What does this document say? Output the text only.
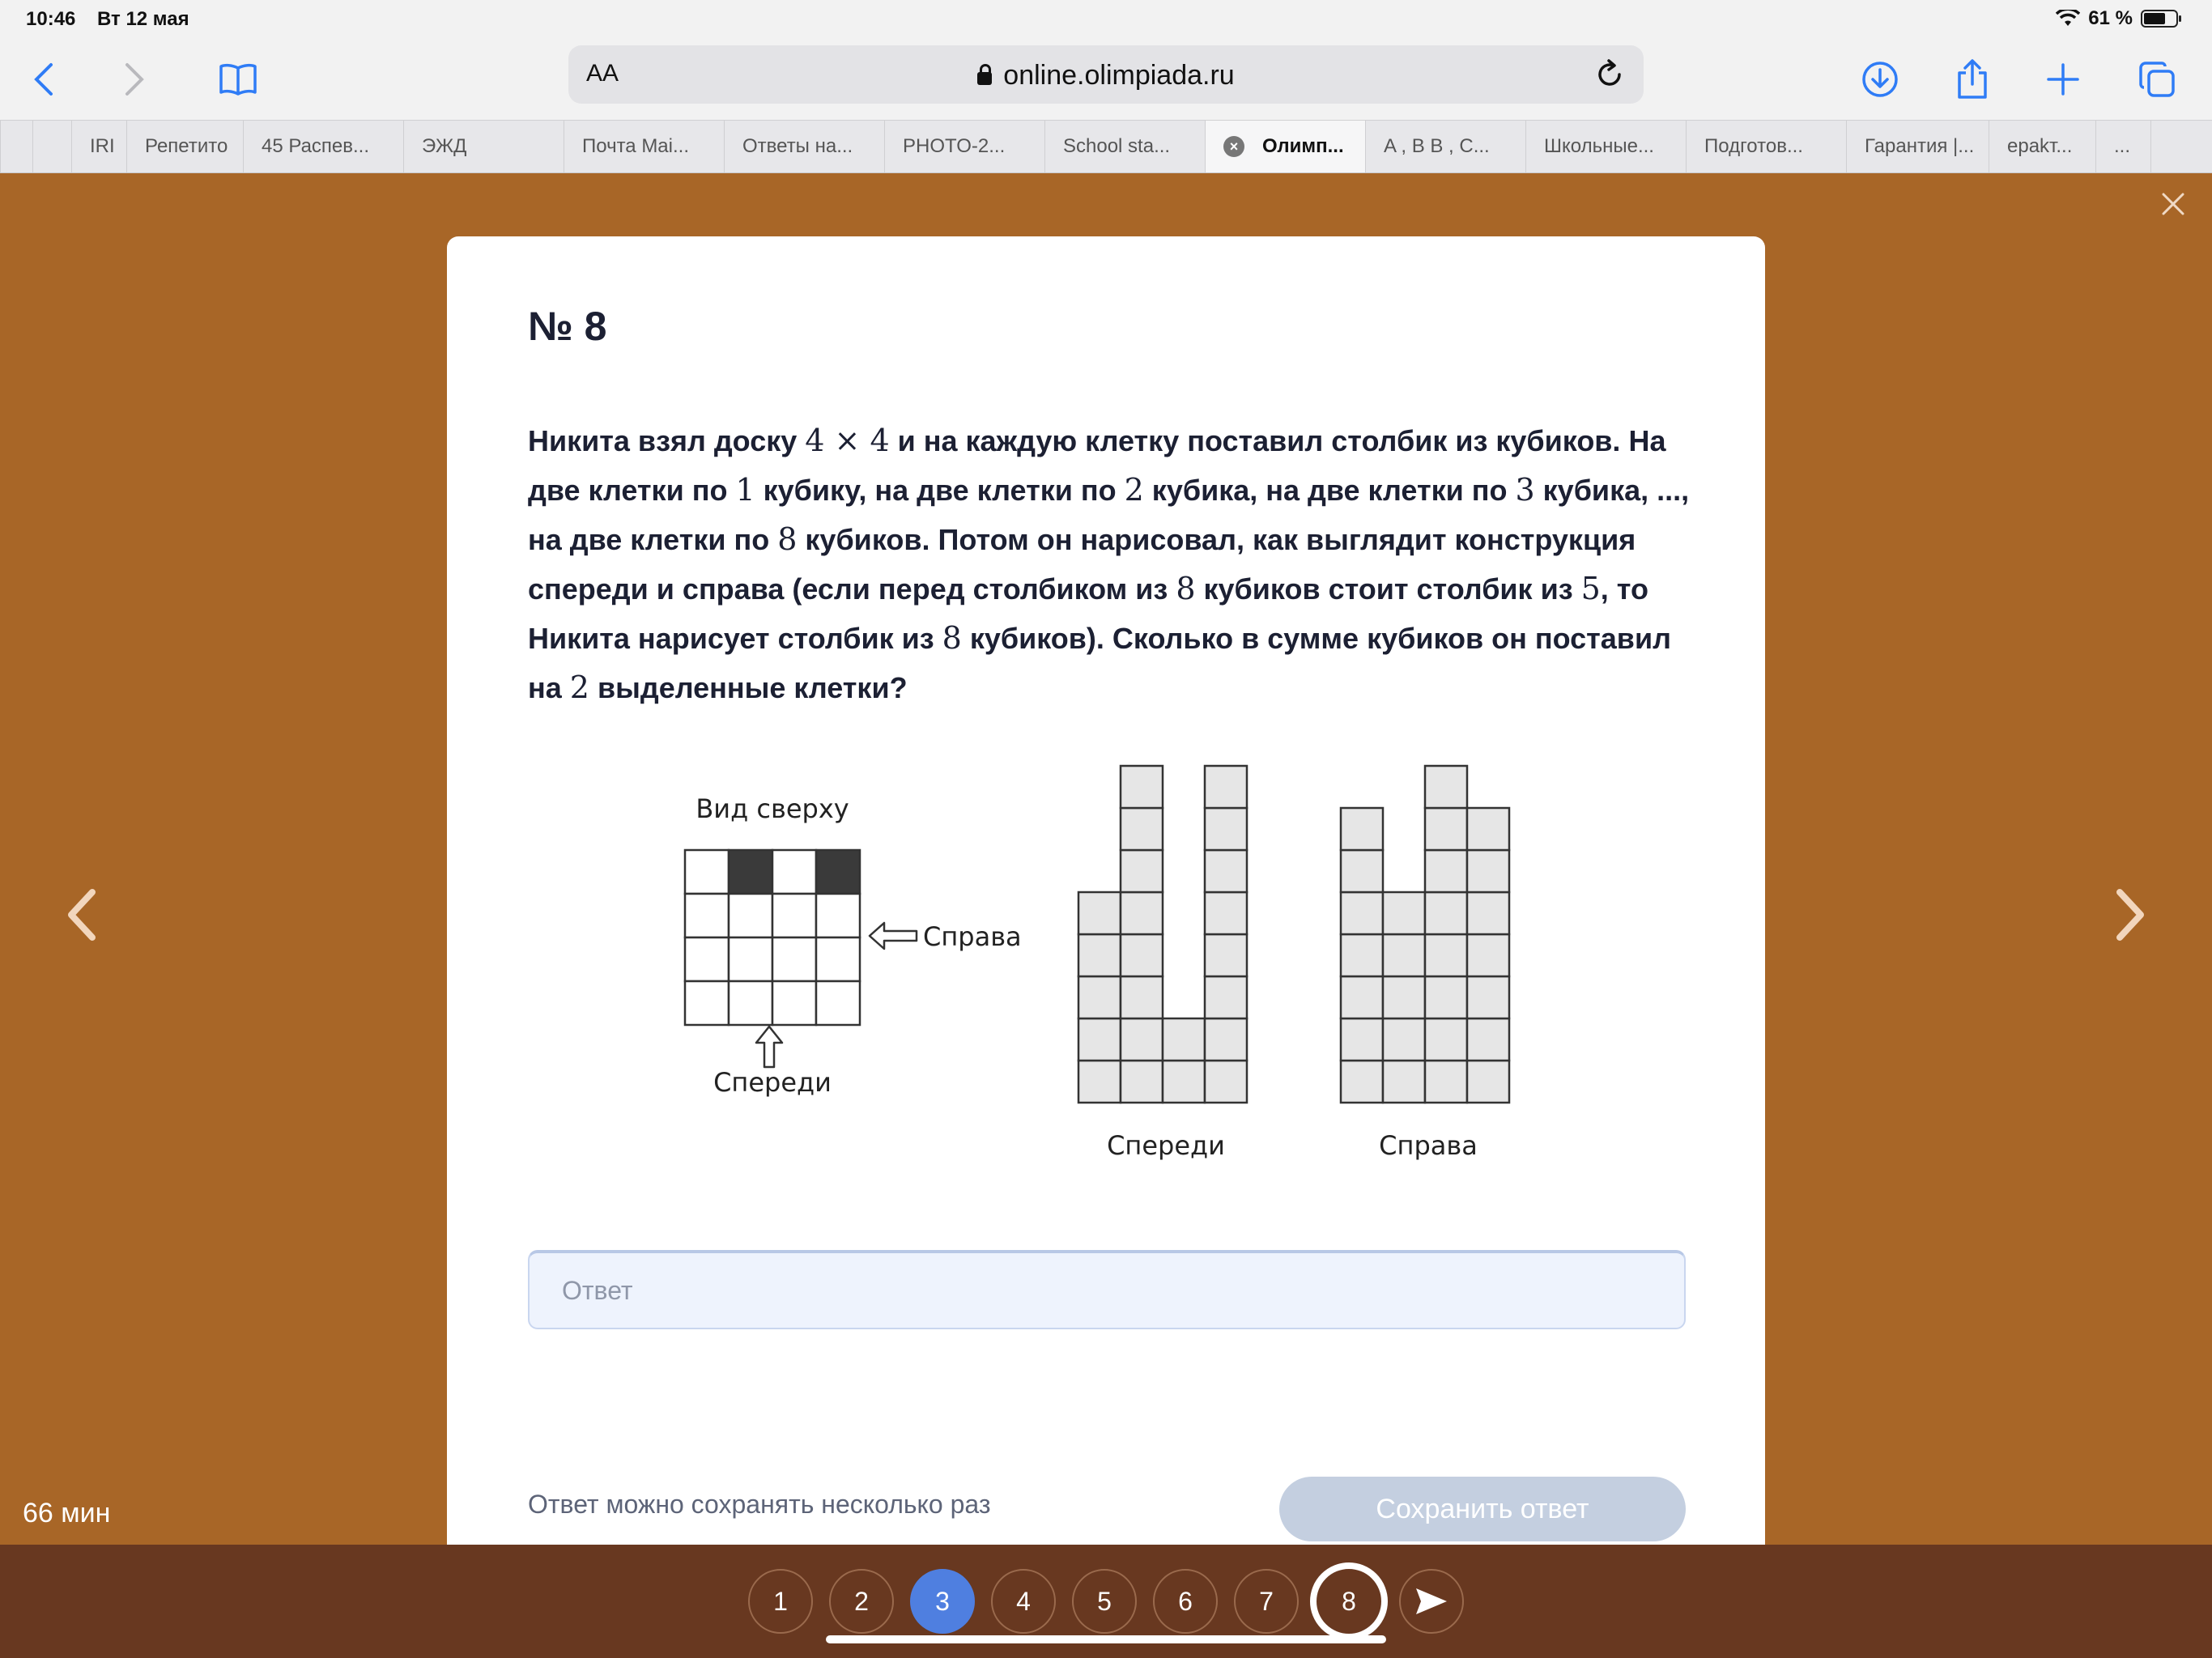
10:46 Вт 12 мая	61 %
AA	online.olimpiada.ru
IRI Репетито 45 Распев...	ЭЖД	Почта Mai...	Ответы на...	PHOTO-2...	School sta...	×	Олимп... A , B B , C...	Школьные...	Подготов...	Гарантия |... ерakт... ...
66 мин
№ 8
Никита взял доску 4 × 4 и на каждую клетку поставил столбик из кубиков. На две клетки по 1 кубику, на две клетки по 2 кубика, на две клетки по 3 кубика, ..., на две клетки по 8 кубиков. Потом он нарисовал, как выглядит конструкция спереди и справа (если перед столбиком из 8 кубиков стоит столбик из 5, то Никита нарисует столбик из 8 кубиков). Сколько в сумме кубиков он поставил на 2 выделенные клетки?
Вид сверху
Справа
Спереди
Спереди	Справа
Ответ
Ответ можно сохранять несколько раз	Сохранить ответ
1	2	3	4	5	6	7	8
